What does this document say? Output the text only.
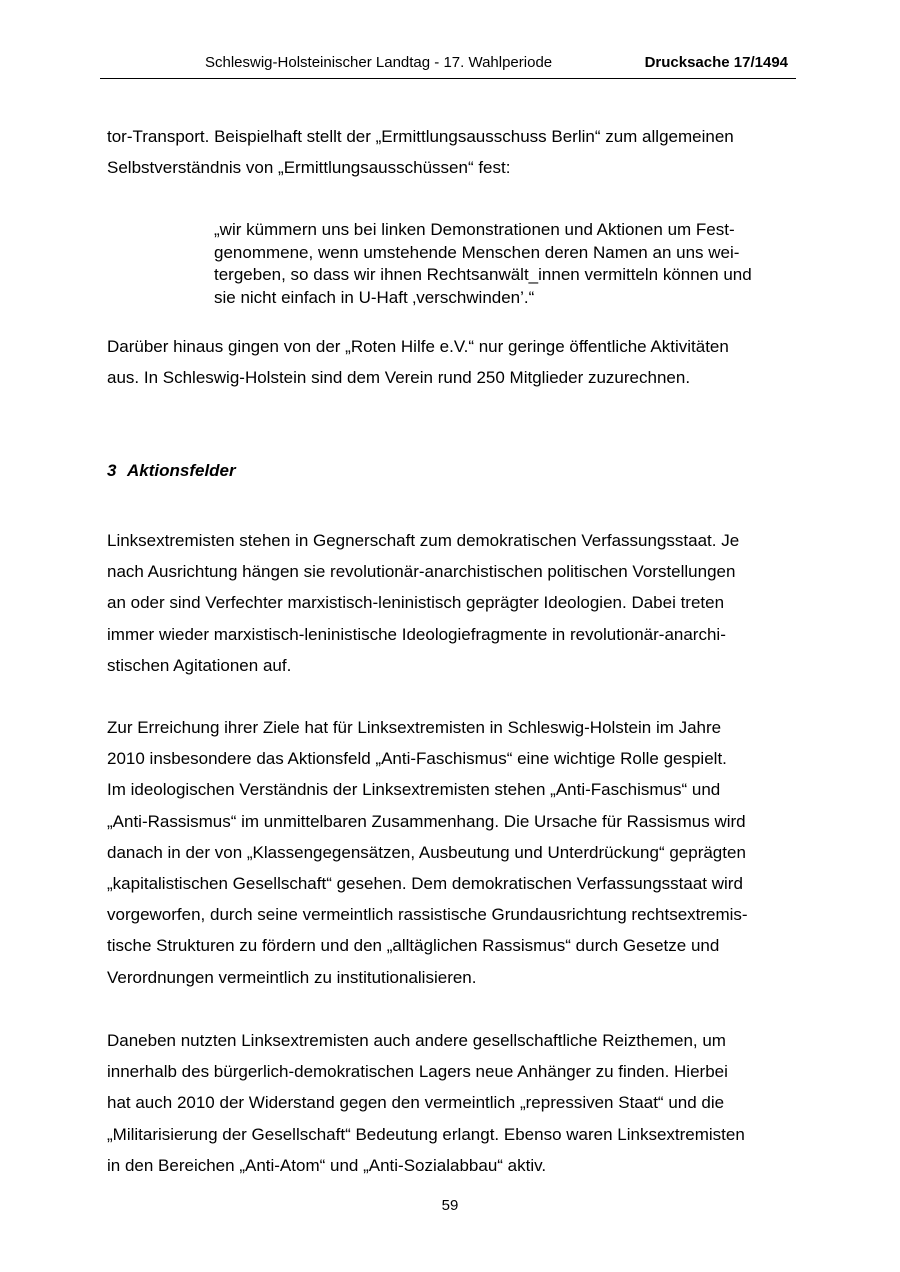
Schleswig-Holsteinischer Landtag - 17. Wahlperiode	Drucksache 17/1494

tor-Transport. Beispielhaft stellt der „Ermittlungsausschuss Berlin“ zum allgemeinen
Selbstverständnis von „Ermittlungsausschüssen“ fest:

„wir kümmern uns bei linken Demonstrationen und Aktionen um Fest-
genommene, wenn umstehende Menschen deren Namen an uns wei-
tergeben, so dass wir ihnen Rechtsanwält_innen vermitteln können und
sie nicht einfach in U-Haft ‚verschwinden’.“

Darüber hinaus gingen von der „Roten Hilfe e.V.“ nur geringe öffentliche Aktivitäten
aus. In Schleswig-Holstein sind dem Verein rund 250 Mitglieder zuzurechnen.

3 Aktionsfelder

Linksextremisten stehen in Gegnerschaft zum demokratischen Verfassungsstaat. Je
nach Ausrichtung hängen sie revolutionär-anarchistischen politischen Vorstellungen
an oder sind Verfechter marxistisch-leninistisch geprägter Ideologien. Dabei treten
immer wieder marxistisch-leninistische Ideologiefragmente in revolutionär-anarchi-
stischen Agitationen auf.

Zur Erreichung ihrer Ziele hat für Linksextremisten in Schleswig-Holstein im Jahre
2010 insbesondere das Aktionsfeld „Anti-Faschismus“ eine wichtige Rolle gespielt.
Im ideologischen Verständnis der Linksextremisten stehen „Anti-Faschismus“ und
„Anti-Rassismus“ im unmittelbaren Zusammenhang. Die Ursache für Rassismus wird
danach in der von „Klassengegensätzen, Ausbeutung und Unterdrückung“ geprägten
„kapitalistischen Gesellschaft“ gesehen. Dem demokratischen Verfassungsstaat wird
vorgeworfen, durch seine vermeintlich rassistische Grundausrichtung rechtsextremis-
tische Strukturen zu fördern und den „alltäglichen Rassismus“ durch Gesetze und
Verordnungen vermeintlich zu institutionalisieren.

Daneben nutzten Linksextremisten auch andere gesellschaftliche Reizthemen, um
innerhalb des bürgerlich-demokratischen Lagers neue Anhänger zu finden. Hierbei
hat auch 2010 der Widerstand gegen den vermeintlich „repressiven Staat“ und die
„Militarisierung der Gesellschaft“ Bedeutung erlangt. Ebenso waren Linksextremisten
in den Bereichen „Anti-Atom“ und „Anti-Sozialabbau“ aktiv.

59
